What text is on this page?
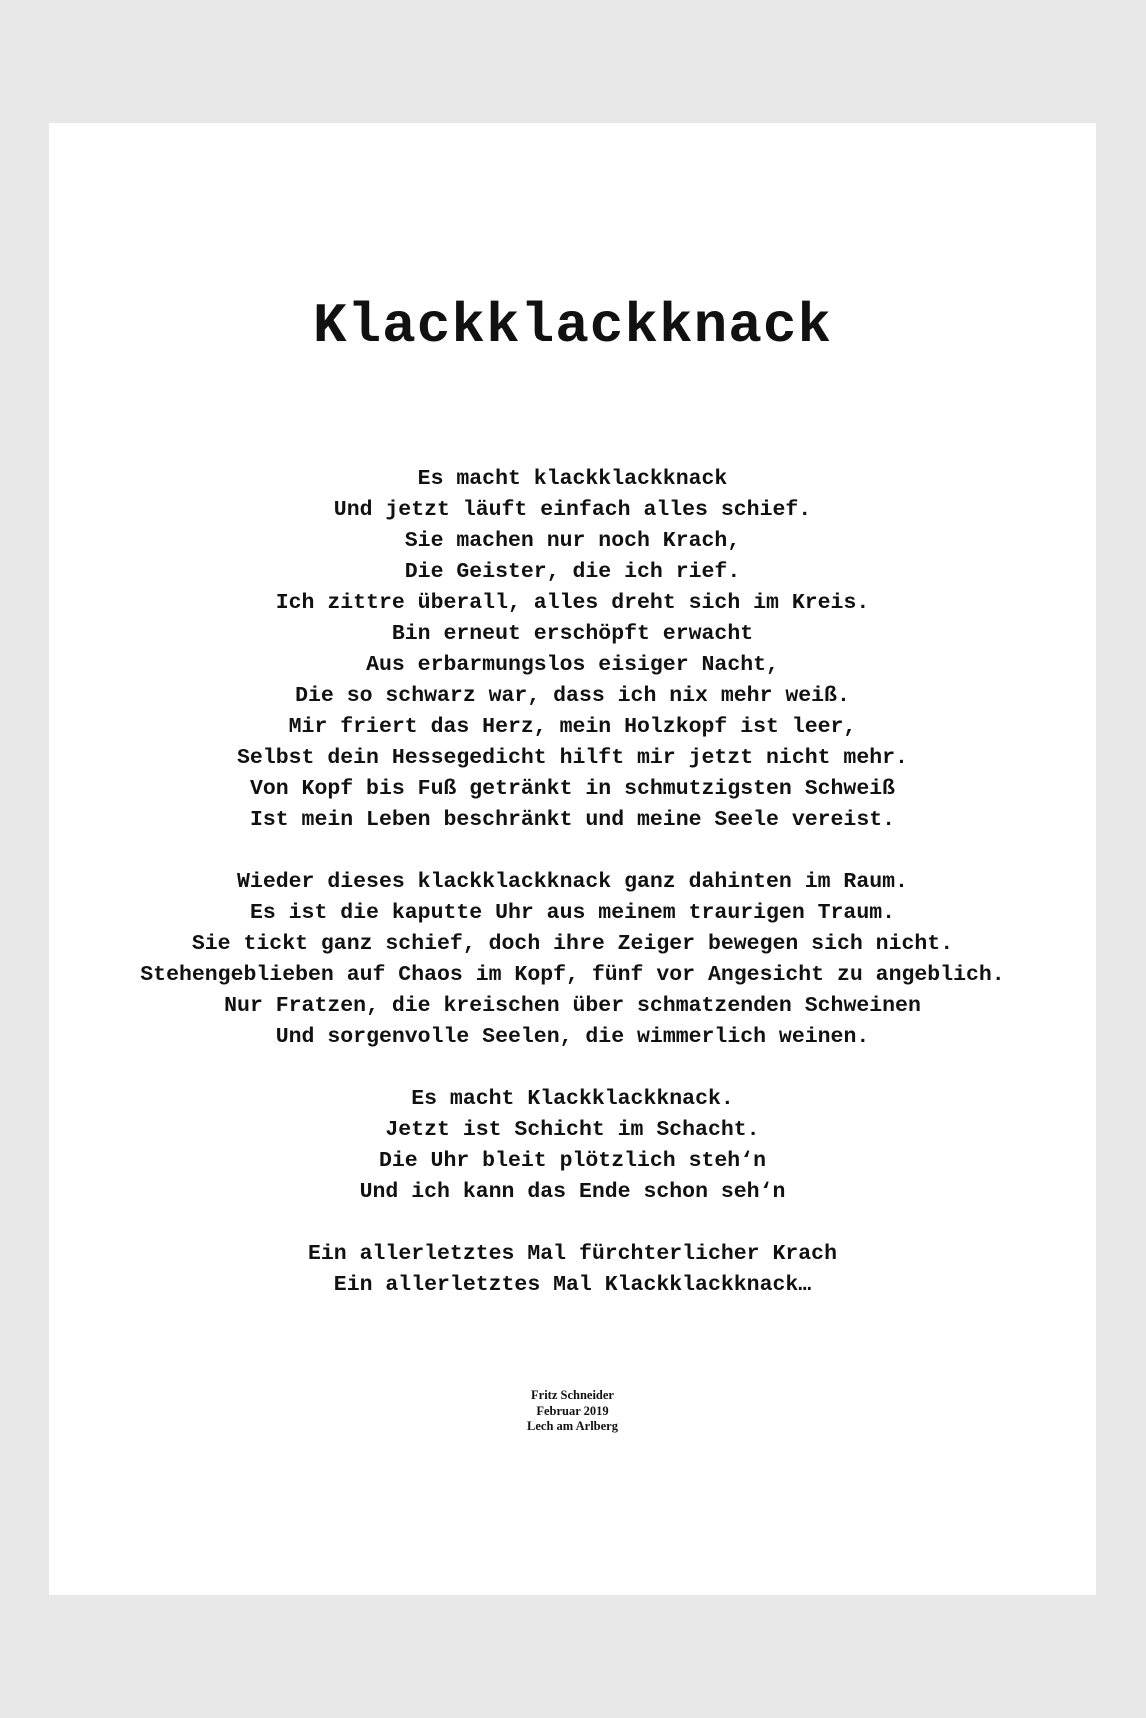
Klackklackknack
Es macht klackklackknack
Und jetzt läuft einfach alles schief.
Sie machen nur noch Krach,
Die Geister, die ich rief.
Ich zittre überall, alles dreht sich im Kreis.
Bin erneut erschöpft erwacht
Aus erbarmungslos eisiger Nacht,
Die so schwarz war, dass ich nix mehr weiß.
Mir friert das Herz, mein Holzkopf ist leer,
Selbst dein Hessegedicht hilft mir jetzt nicht mehr.
Von Kopf bis Fuß getränkt in schmutzigsten Schweiß
Ist mein Leben beschränkt und meine Seele vereist.
Wieder dieses klackklackknack ganz dahinten im Raum.
Es ist die kaputte Uhr aus meinem traurigen Traum.
Sie tickt ganz schief, doch ihre Zeiger bewegen sich nicht.
Stehengeblieben auf Chaos im Kopf, fünf vor Angesicht zu angeblich.
Nur Fratzen, die kreischen über schmatzenden Schweinen
Und sorgenvolle Seelen, die wimmerlich weinen.
Es macht Klackklackknack.
Jetzt ist Schicht im Schacht.
Die Uhr bleit plötzlich steh‘n
Und ich kann das Ende schon seh‘n
Ein allerletztes Mal fürchterlicher Krach
Ein allerletztes Mal Klackklackknack…
Fritz Schneider
Februar 2019
Lech am Arlberg
